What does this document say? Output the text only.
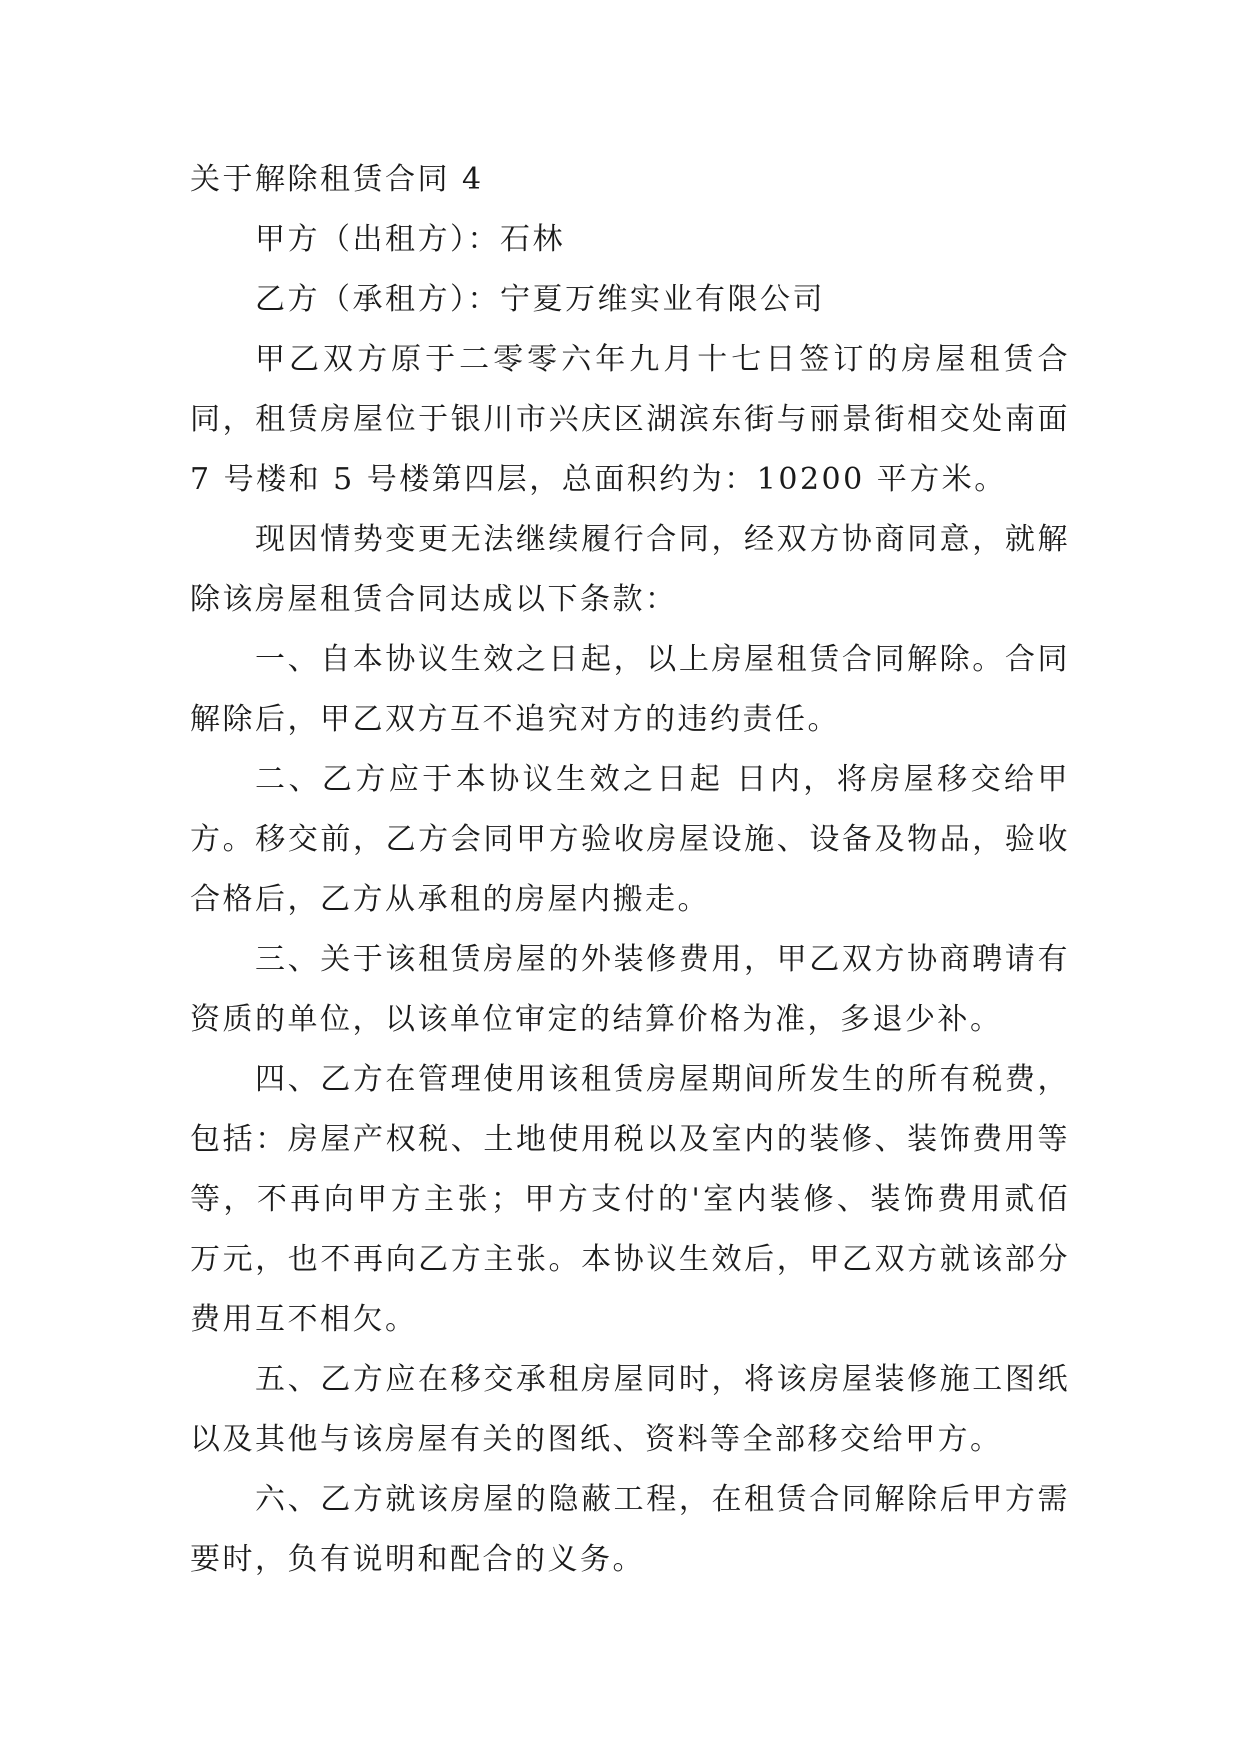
关于解除租赁合同 4

甲方（出租方）：石林

乙方（承租方）：宁夏万维实业有限公司

甲乙双方原于二零零六年九月十七日签订的房屋租赁合同，租赁房屋位于银川市兴庆区湖滨东街与丽景街相交处南面 7 号楼和 5 号楼第四层，总面积约为：10200 平方米。

现因情势变更无法继续履行合同，经双方协商同意，就解除该房屋租赁合同达成以下条款：

一、自本协议生效之日起，以上房屋租赁合同解除。合同解除后，甲乙双方互不追究对方的违约责任。

二、乙方应于本协议生效之日起 日内，将房屋移交给甲方。移交前，乙方会同甲方验收房屋设施、设备及物品，验收合格后，乙方从承租的房屋内搬走。

三、关于该租赁房屋的外装修费用，甲乙双方协商聘请有资质的单位，以该单位审定的结算价格为准，多退少补。

四、乙方在管理使用该租赁房屋期间所发生的所有税费，包括：房屋产权税、土地使用税以及室内的装修、装饰费用等等，不再向甲方主张；甲方支付的'室内装修、装饰费用贰佰万元，也不再向乙方主张。本协议生效后，甲乙双方就该部分费用互不相欠。

五、乙方应在移交承租房屋同时，将该房屋装修施工图纸以及其他与该房屋有关的图纸、资料等全部移交给甲方。

六、乙方就该房屋的隐蔽工程，在租赁合同解除后甲方需要时，负有说明和配合的义务。
